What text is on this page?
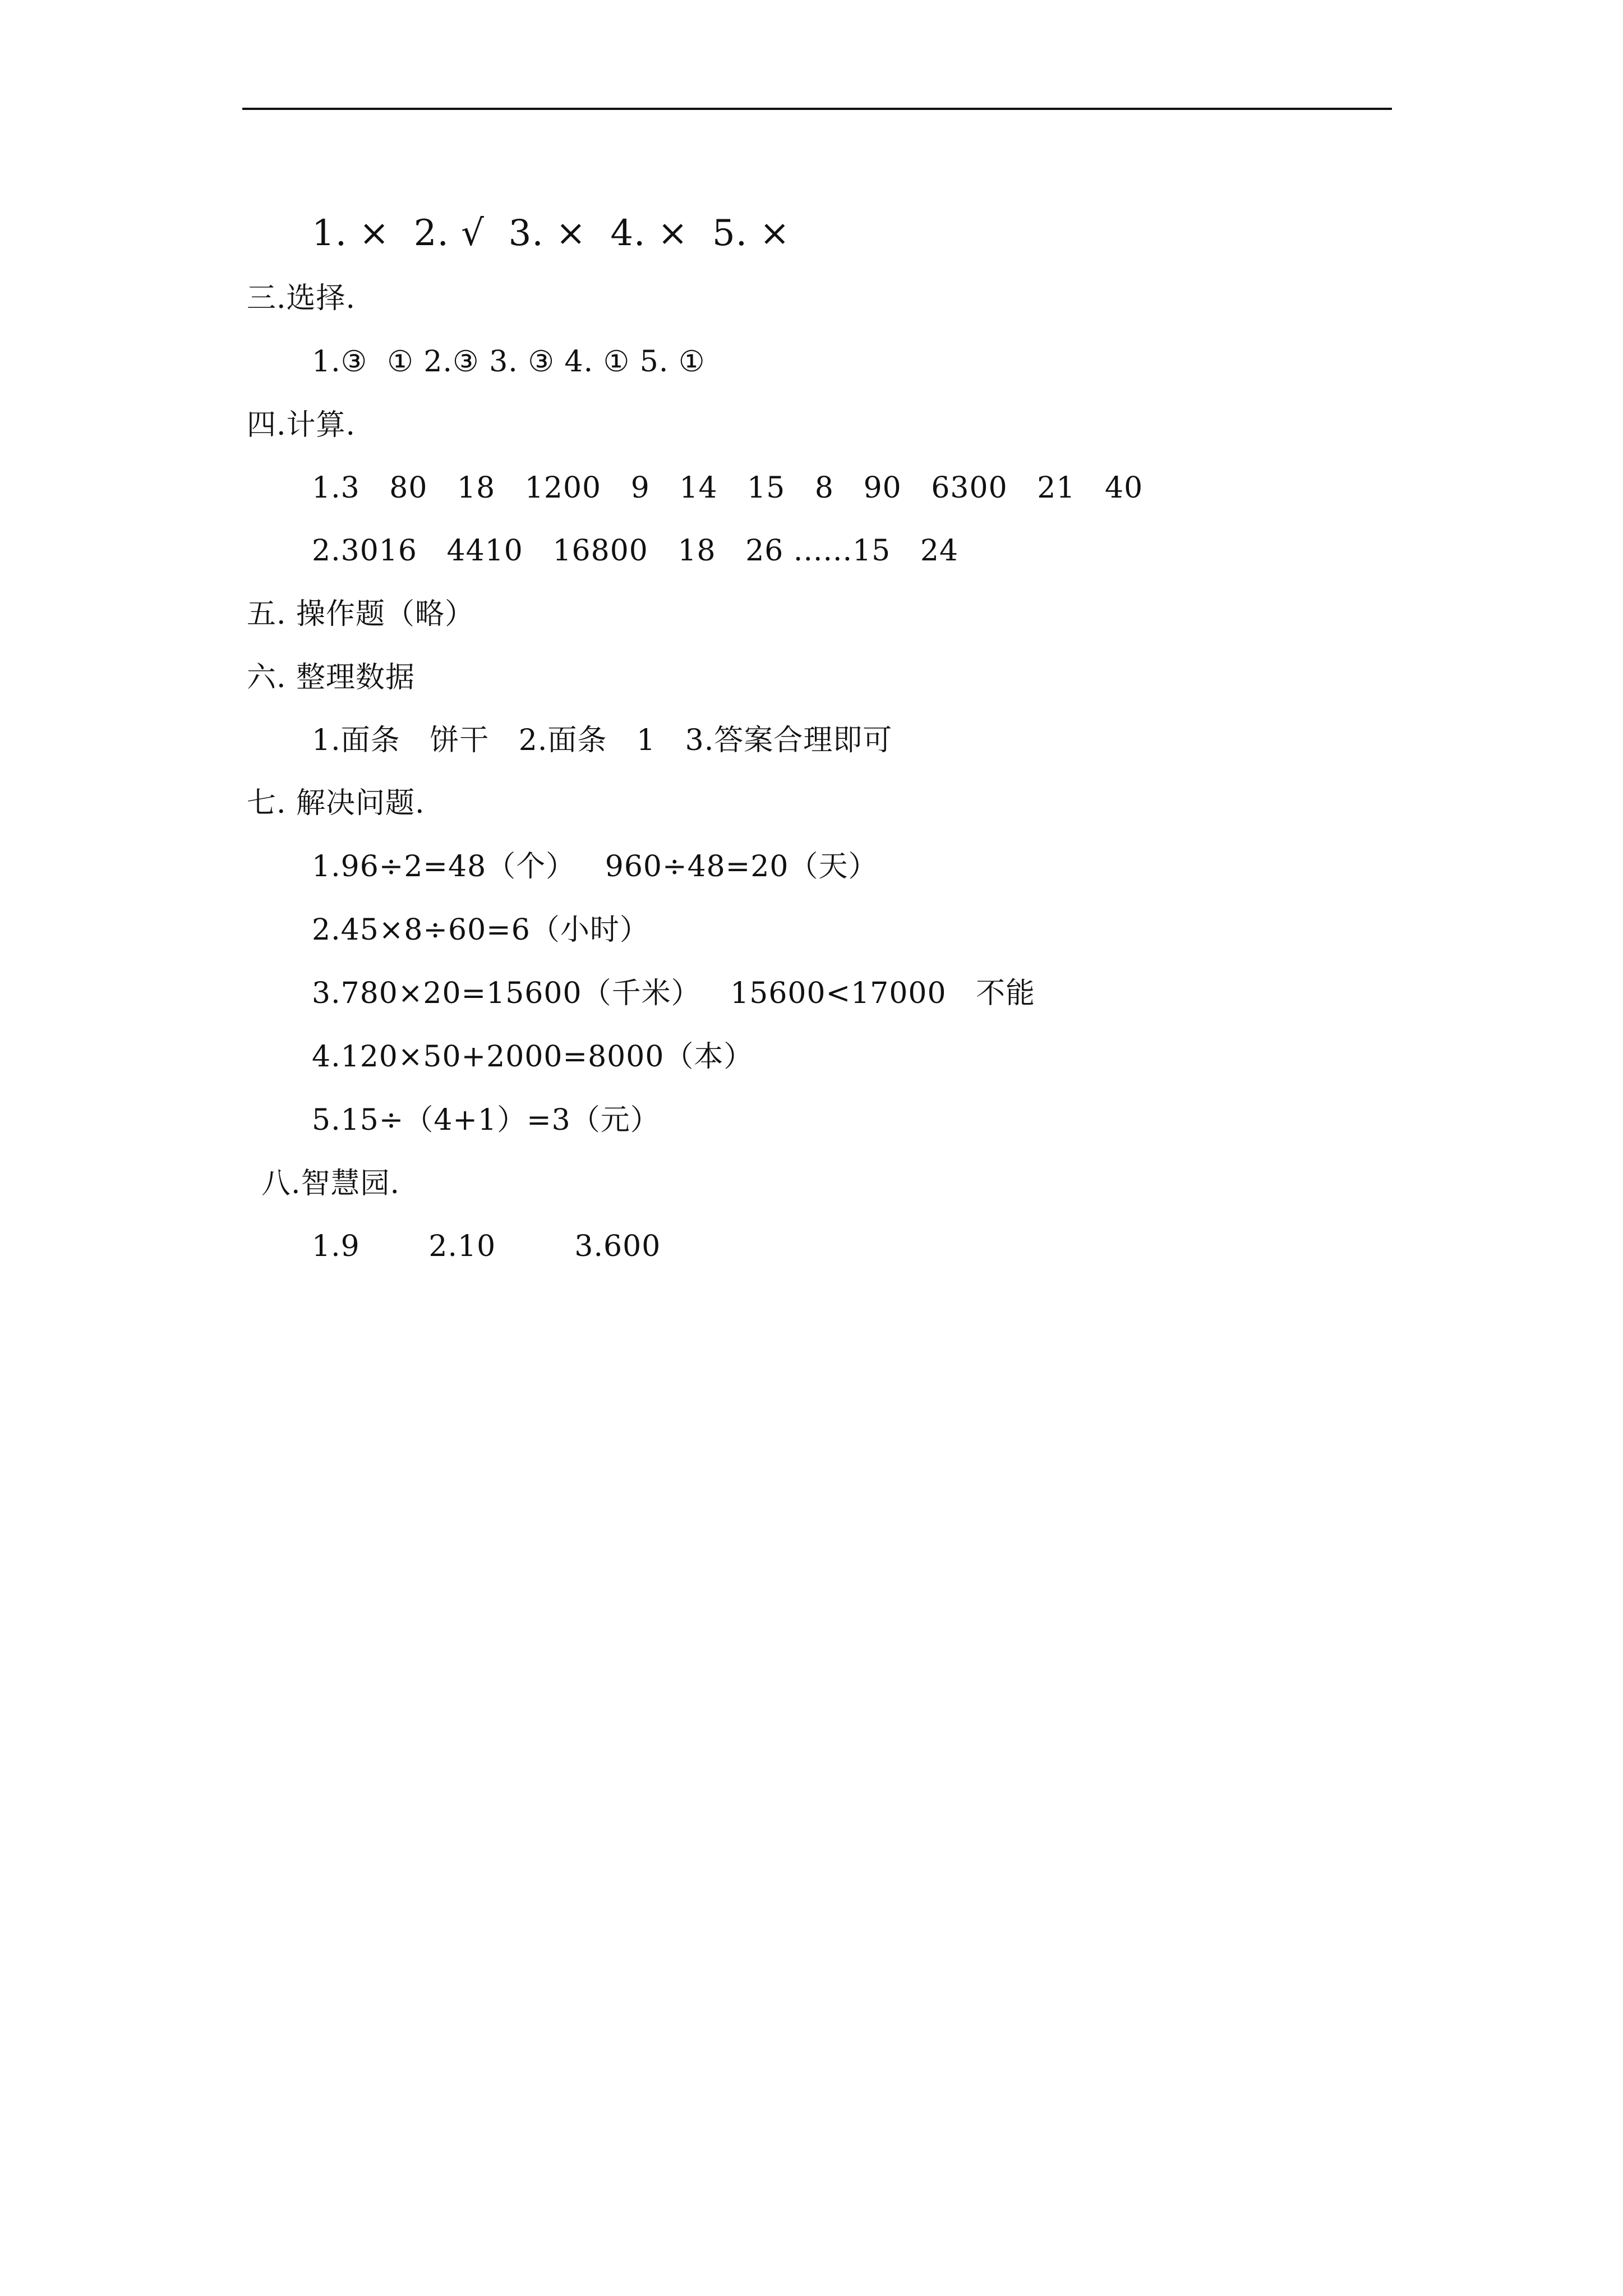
1. ×  2. √  3. ×  4. ×  5. ×
三.选择.
1.③  ① 2.③ 3. ③ 4. ① 5. ①
四.计算.
1.3   80   18   1200   9   14   15   8   90   6300   21   40
2.3016   4410   16800   18   26 ......15   24
五. 操作题（略）
六. 整理数据
1.面条   饼干   2.面条   1   3.答案合理即可
七. 解决问题.
1.96÷2=48（个）   960÷48=20（天）
2.45×8÷60=6（小时）
3.780×20=15600（千米）   15600<17000   不能
4.120×50+2000=8000（本）
5.15÷（4+1）=3（元）
八.智慧园.
1.9       2.10        3.600
